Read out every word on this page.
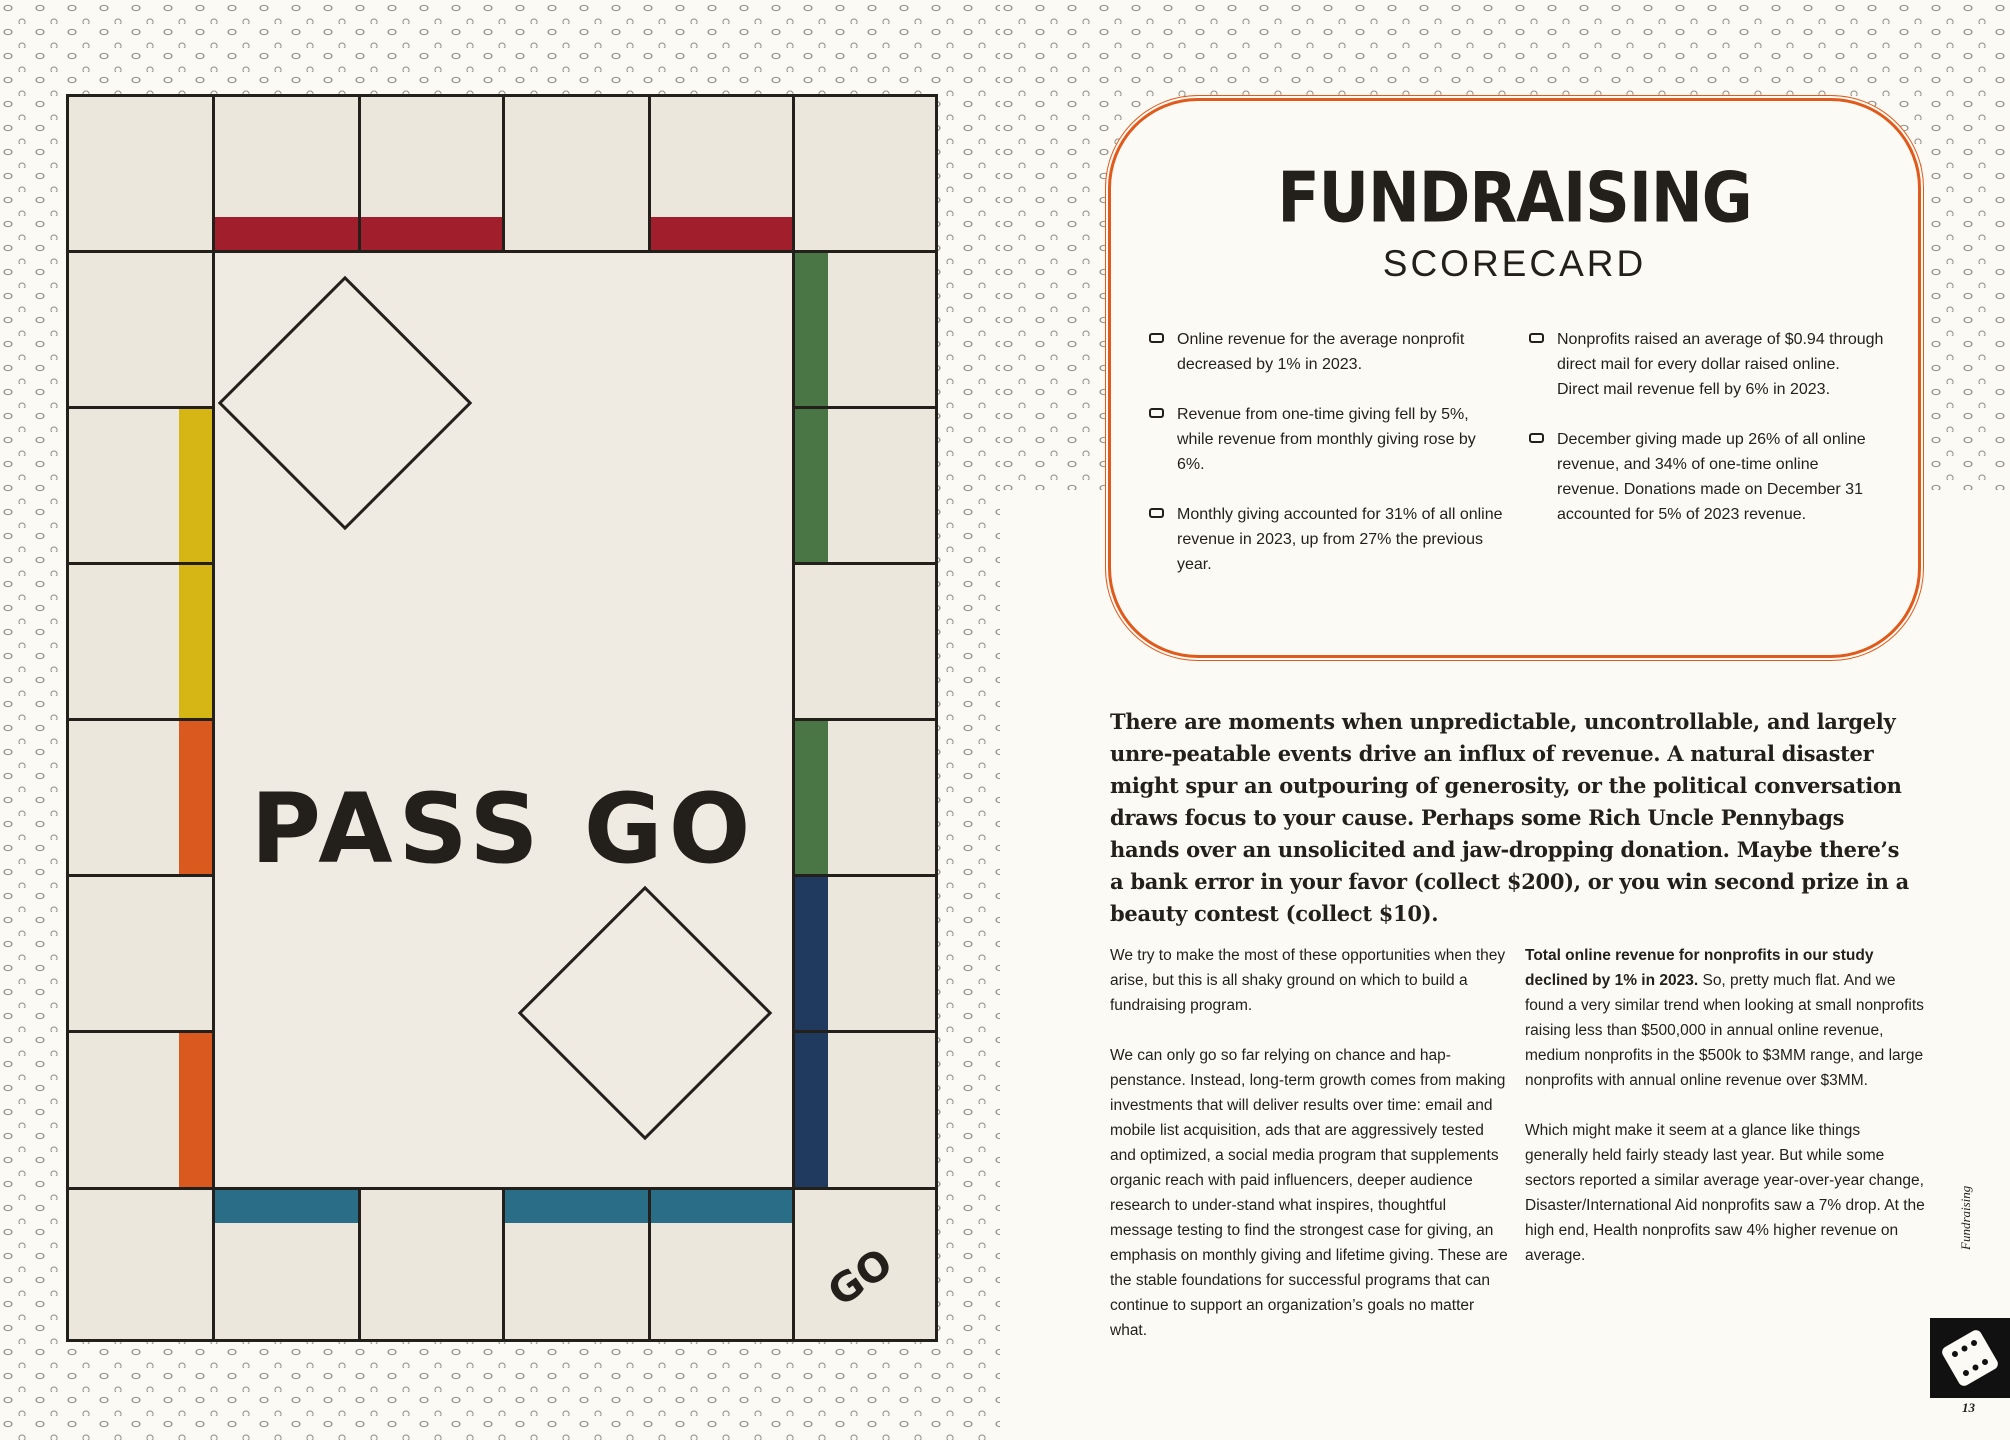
PASS GO
GO
FUNDRAISING
SCORECARD
Online revenue for the average nonprofit decreased by 1% in 2023.
Revenue from one-time giving fell by 5%, while revenue from monthly giving rose by 6%.
Monthly giving accounted for 31% of all online revenue in 2023, up from 27% the previous year.
Nonprofits raised an average of $0.94 through direct mail for every dollar raised online. Direct mail revenue fell by 6% in 2023.
December giving made up 26% of all online revenue, and 34% of one-time online revenue. Donations made on December 31 accounted for 5% of 2023 revenue.
There are moments when unpredictable, uncontrollable, and largely unre-peatable events drive an influx of revenue. A natural disaster might spur an outpouring of generosity, or the political conversation draws focus to your cause. Perhaps some Rich Uncle Pennybags hands over an unsolicited and jaw-dropping donation. Maybe there’s a bank error in your favor (collect $200), or you win second prize in a beauty contest (collect $10).

We try to make the most of these opportunities when they arise, but this is all shaky ground on which to build a fundraising program.

We can only go so far relying on chance and hap-penstance. Instead, long-term growth comes from making investments that will deliver results over time: email and mobile list acquisition, ads that are aggressively tested and optimized, a social media program that supplements organic reach with paid influencers, deeper audience research to under-stand what inspires, thoughtful message testing to find the strongest case for giving, an emphasis on monthly giving and lifetime giving. These are the stable foundations for successful programs that can continue to support an organization’s goals no matter what.

Total online revenue for nonprofits in our study declined by 1% in 2023. So, pretty much flat. And we found a very similar trend when looking at small nonprofits raising less than $500,000 in annual online revenue, medium nonprofits in the $500k to $3MM range, and large nonprofits with annual online revenue over $3MM.

Which might make it seem at a glance like things generally held fairly steady last year. But while some sectors reported a similar average year-over-year change, Disaster/International Aid nonprofits saw a 7% drop. At the high end, Health nonprofits saw 4% higher revenue on average.

Fundraising
13
